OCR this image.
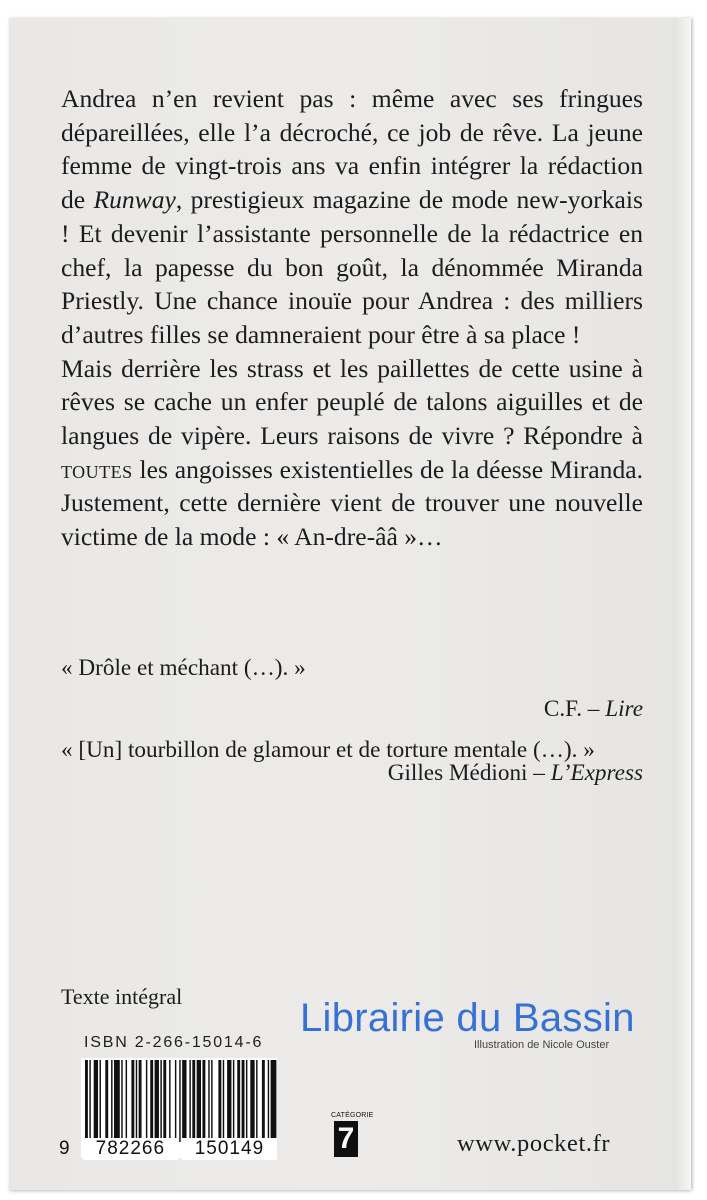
Andrea n’en revient pas : même avec ses fringues dépareillées, elle l’a décroché, ce job de rêve. La jeune femme de vingt-trois ans va enfin intégrer la rédaction de Runway, prestigieux magazine de mode new-yorkais ! Et devenir l’assistante personnelle de la rédactrice en chef, la papesse du bon goût, la dénommée Miranda Priestly. Une chance inouïe pour Andrea : des milliers d’autres filles se damneraient pour être à sa place !

Mais derrière les strass et les paillettes de cette usine à rêves se cache un enfer peuplé de talons aiguilles et de langues de vipère. Leurs raisons de vivre ? Répondre à toutes les angoisses existentielles de la déesse Miranda. Justement, cette dernière vient de trouver une nouvelle victime de la mode : « An-dre-ââ »…

« Drôle et méchant (…). »
C.F. – Lire
« [Un] tourbillon de glamour et de torture mentale (…). »
Gilles Médioni – L’Express
Texte intégral
ISBN 2-266-15014-6
9	782266	150149
Illustration de Nicole Ouster
CATÉGORIE
7	www.pocket.fr
Librairie du Bassin
